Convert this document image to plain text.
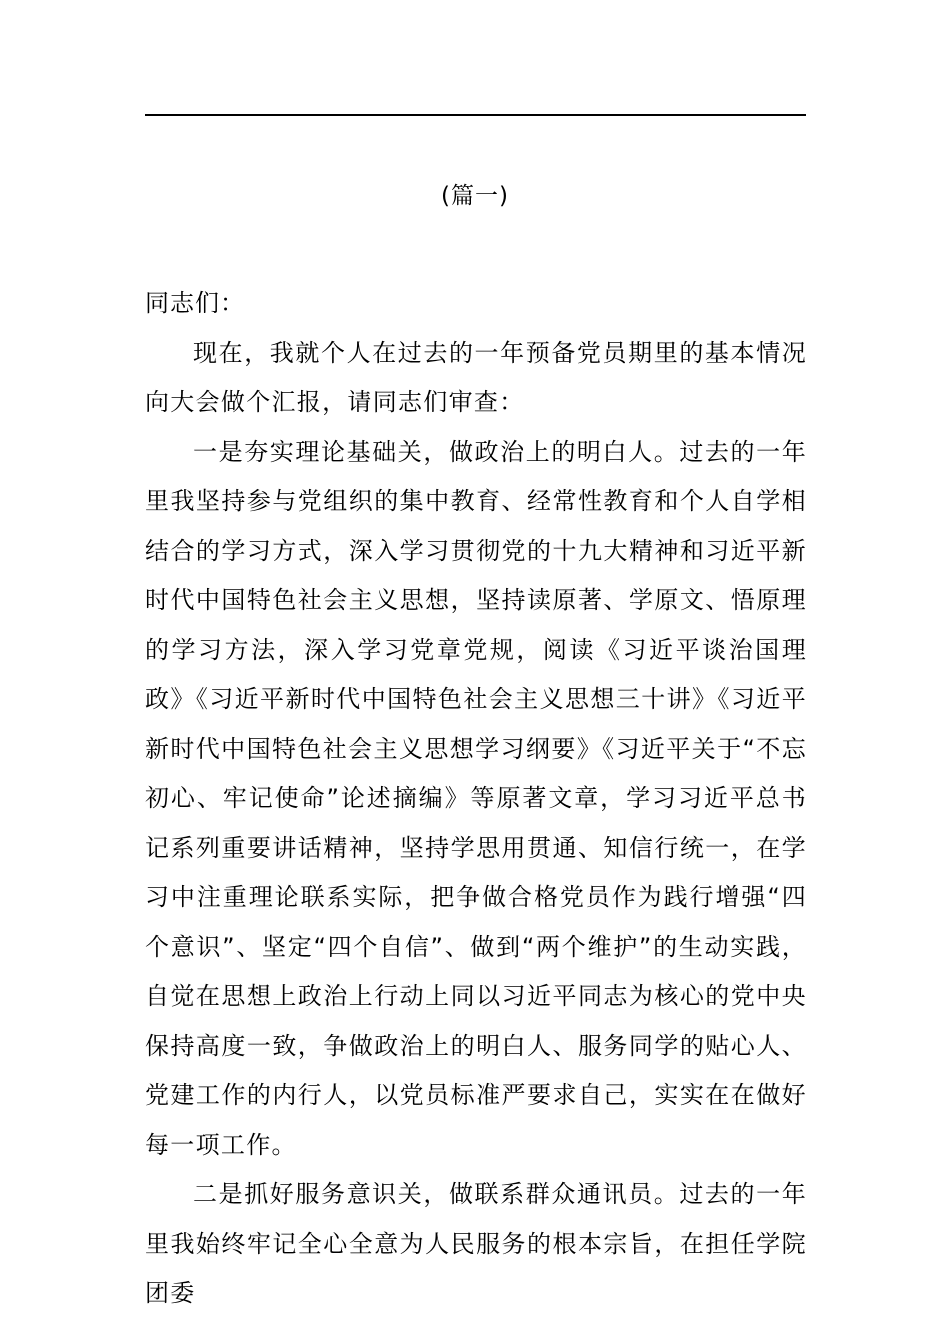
(篇一)

同志们：

现在，我就个人在过去的一年预备党员期里的基本情况向大会做个汇报，请同志们审查：

一是夯实理论基础关，做政治上的明白人。过去的一年里我坚持参与党组织的集中教育、经常性教育和个人自学相结合的学习方式，深入学习贯彻党的十九大精神和习近平新时代中国特色社会主义思想，坚持读原著、学原文、悟原理的学习方法，深入学习党章党规，阅读《习近平谈治国理政》《习近平新时代中国特色社会主义思想三十讲》《习近平新时代中国特色社会主义思想学习纲要》《习近平关于“不忘初心、牢记使命”论述摘编》等原著文章，学习习近平总书记系列重要讲话精神，坚持学思用贯通、知信行统一，在学习中注重理论联系实际，把争做合格党员作为践行增强“四个意识”、坚定“四个自信”、做到“两个维护”的生动实践，自觉在思想上政治上行动上同以习近平同志为核心的党中央保持高度一致，争做政治上的明白人、服务同学的贴心人、党建工作的内行人，以党员标准严要求自己，实实在在做好每一项工作。

二是抓好服务意识关，做联系群众通讯员。过去的一年里我始终牢记全心全意为人民服务的根本宗旨，在担任学院团委
